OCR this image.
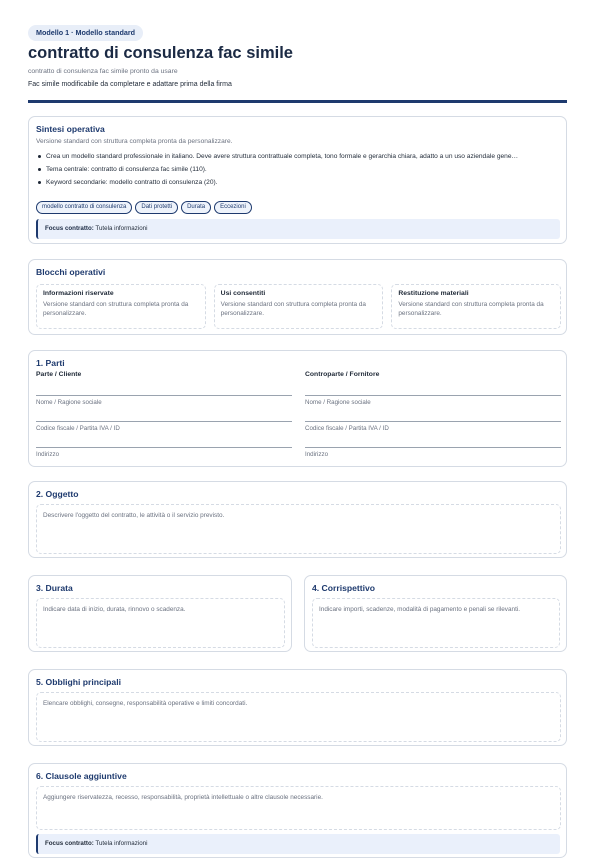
Modello 1 · Modello standard
contratto di consulenza fac simile
contratto di consulenza fac simile pronto da usare
Fac simile modificabile da completare e adattare prima della firma
Sintesi operativa
Versione standard con struttura completa pronta da personalizzare.
Crea un modello standard professionale in italiano. Deve avere struttura contrattuale completa, tono formale e gerarchia chiara, adatto a un uso aziendale gene…
Tema centrale: contratto di consulenza fac simile (110).
Keyword secondarie: modello contratto di consulenza (20).
modello contratto di consulenza	Dati protetti	Durata	Eccezioni
Focus contratto: Tutela informazioni
Blocchi operativi
Informazioni riservate
Versione standard con struttura completa pronta da personalizzare.
Usi consentiti
Versione standard con struttura completa pronta da personalizzare.
Restituzione materiali
Versione standard con struttura completa pronta da personalizzare.
1. Parti
Parte / Cliente
Nome / Ragione sociale
Codice fiscale / Partita IVA / ID
Indirizzo
Controparte / Fornitore
Nome / Ragione sociale
Codice fiscale / Partita IVA / ID
Indirizzo
2. Oggetto
Descrivere l'oggetto del contratto, le attività o il servizio previsto.
3. Durata
Indicare data di inizio, durata, rinnovo o scadenza.
4. Corrispettivo
Indicare importi, scadenze, modalità di pagamento e penali se rilevanti.
5. Obblighi principali
Elencare obblighi, consegne, responsabilità operative e limiti concordati.
6. Clausole aggiuntive
Aggiungere riservatezza, recesso, responsabilità, proprietà intellettuale o altre clausole necessarie.
Focus contratto: Tutela informazioni
